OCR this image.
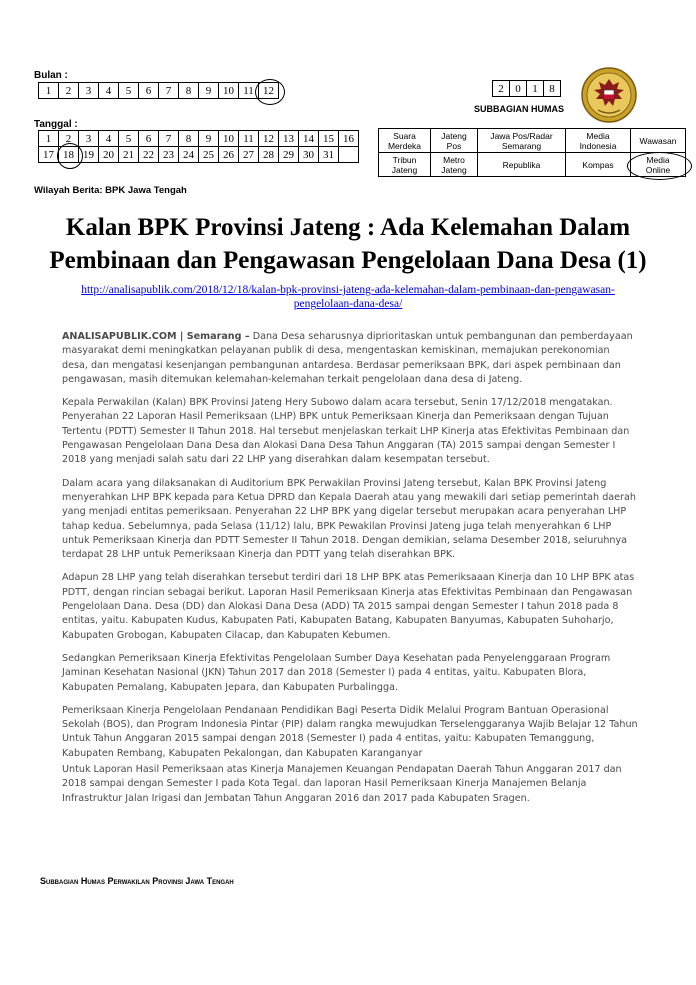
Bulan :
1	2	3	4	5	6	7	8	9	10	11	12
Tanggal :
1	2	3	4	5	6	7	8	9	10	11	12	13	14	15	16
17	18	19	20	21	22	23	24	25	26	27	28	29	30	31	
2	0	1	8
SUBBAGIAN HUMAS
Suara Merdeka	Jateng Pos	Jawa Pos/Radar Semarang	Media Indonesia	Wawasan
Tribun Jateng	Metro Jateng	Republika	Kompas	Media Online
Wilayah Berita: BPK Jawa Tengah
Kalan BPK Provinsi Jateng : Ada Kelemahan Dalam
Pembinaan dan Pengawasan Pengelolaan Dana Desa (1)
http://analisapublik.com/2018/12/18/kalan-bpk-provinsi-jateng-ada-kelemahan-dalam-pembinaan-dan-pengawasan-
pengelolaan-dana-desa/

ANALISAPUBLIK.COM | Semarang – Dana Desa seharusnya diprioritaskan untuk pembangunan dan pemberdayaan masyarakat demi meningkatkan pelayanan publik di desa, mengentaskan kemiskinan, memajukan perekonomian desa, dan mengatasi kesenjangan pembangunan antardesa. Berdasar pemeriksaan BPK, dari aspek pembinaan dan pengawasan, masih ditemukan kelemahan-kelemahan terkait pengelolaan dana desa di Jateng.

Kepala Perwakilan (Kalan) BPK Provinsi Jateng Hery Subowo dalam acara tersebut, Senin 17/12/2018 mengatakan. Penyerahan 22 Laporan Hasil Pemeriksaan (LHP) BPK untuk Pemeriksaan Kinerja dan Pemeriksaan dengan Tujuan Tertentu (PDTT) Semester II Tahun 2018. Hal tersebut menjelaskan terkait LHP Kinerja atas Efektivitas Pembinaan dan Pengawasan Pengelolaan Dana Desa dan Alokasi Dana Desa Tahun Anggaran (TA) 2015 sampai dengan Semester I 2018 yang menjadi salah satu dari 22 LHP yang diserahkan dalam kesempatan tersebut.

Dalam acara yang dilaksanakan di Auditorium BPK Perwakilan Provinsi Jateng tersebut, Kalan BPK Provinsi Jateng menyerahkan LHP BPK kepada para Ketua DPRD dan Kepala Daerah atau yang mewakili dari setiap pemerintah daerah yang menjadi entitas pemeriksaan. Penyerahan 22 LHP BPK yang digelar tersebut merupakan acara penyerahan LHP tahap kedua. Sebelumnya, pada Selasa (11/12) lalu, BPK Pewakilan Provinsi Jateng juga telah menyerahkan 6 LHP untuk Pemeriksaan Kinerja dan PDTT Semester II Tahun 2018. Dengan demikian, selama Desember 2018, seluruhnya terdapat 28 LHP untuk Pemeriksaan Kinerja dan PDTT yang telah diserahkan BPK.

Adapun 28 LHP yang telah diserahkan tersebut terdiri dari 18 LHP BPK atas Pemeriksaaan Kinerja dan 10 LHP BPK atas PDTT, dengan rincian sebagai berikut. Laporan Hasil Pemeriksaan Kinerja atas Efektivitas Pembinaan dan Pengawasan Pengelolaan Dana. Desa (DD) dan Alokasi Dana Desa (ADD) TA 2015 sampai dengan Semester I tahun 2018 pada 8 entitas, yaitu. Kabupaten Kudus, Kabupaten Pati, Kabupaten Batang, Kabupaten Banyumas, Kabupaten Suhoharjo, Kabupaten Grobogan, Kabupaten Cilacap, dan Kabupaten Kebumen.

Sedangkan Pemeriksaan Kinerja Efektivitas Pengelolaan Sumber Daya Kesehatan pada Penyelenggaraan Program Jaminan Kesehatan Nasional (JKN) Tahun 2017 dan 2018 (Semester I) pada 4 entitas, yaitu. Kabupaten Blora, Kabupaten Pemalang, Kabupaten Jepara, dan Kabupaten Purbalingga.

Pemeriksaan Kinerja Pengelolaan Pendanaan Pendidikan Bagi Peserta Didik Melalui Program Bantuan Operasional Sekolah (BOS), dan Program Indonesia Pintar (PIP) dalam rangka mewujudkan Terselenggaranya Wajib Belajar 12 Tahun Untuk Tahun Anggaran 2015 sampai dengan 2018 (Semester I) pada 4 entitas, yaitu: Kabupaten Temanggung, Kabupaten Rembang, Kabupaten Pekalongan, dan Kabupaten Karanganyar

Untuk Laporan Hasil Pemeriksaan atas Kinerja Manajemen Keuangan Pendapatan Daerah Tahun Anggaran 2017 dan 2018 sampai dengan Semester I pada Kota Tegal. dan laporan Hasil Pemeriksaan Kinerja Manajemen Belanja Infrastruktur Jalan Irigasi dan Jembatan Tahun Anggaran 2016 dan 2017 pada Kabupaten Sragen.

Subbagian Humas Perwakilan Provinsi Jawa Tengah
